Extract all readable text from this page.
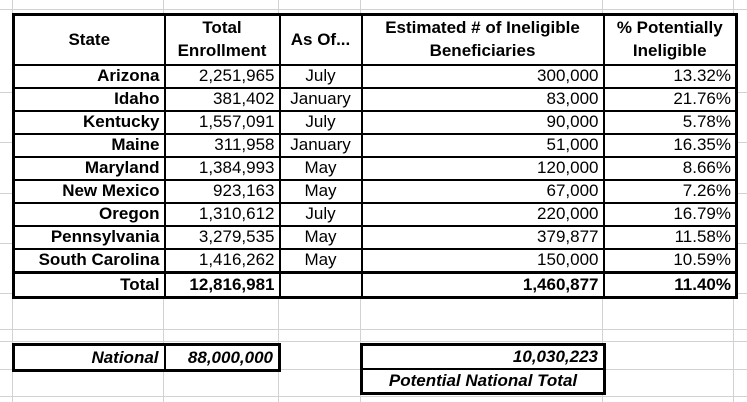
State	Total Enrollment	As Of...	Estimated # of Ineligible Beneficiaries	% Potentially Ineligible
Arizona	2,251,965	July	300,000	13.32%
Idaho	381,402	January	83,000	21.76%
Kentucky	1,557,091	July	90,000	5.78%
Maine	311,958	January	51,000	16.35%
Maryland	1,384,993	May	120,000	8.66%
New Mexico	923,163	May	67,000	7.26%
Oregon	1,310,612	July	220,000	16.79%
Pennsylvania	3,279,535	May	379,877	11.58%
South Carolina	1,416,262	May	150,000	10.59%
Total	12,816,981		1,460,877	11.40%
National	88,000,000	10,030,223
Potential National Total
